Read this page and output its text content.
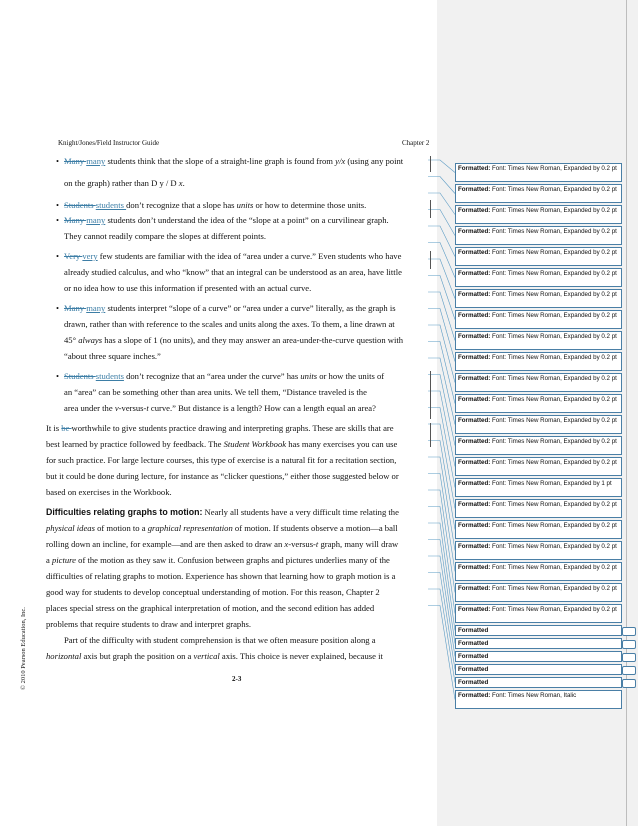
Knight/Jones/Field Instructor Guide	Chapter 2
© 2010 Pearson Education, Inc.
• Many many students think that the slope of a straight-line graph is found from y/x (using any point
on the graph) rather than D y / D x.
• Students students don’t recognize that a slope has units or how to determine those units.
• Many many students don’t understand the idea of the “slope at a point” on a curvilinear graph.
They cannot readily compare the slopes at different points.
• Very very few students are familiar with the idea of “area under a curve.” Even students who have
already studied calculus, and who “know” that an integral can be understood as an area, have little
or no idea how to use this information if presented with an actual curve.
• Many many students interpret “slope of a curve” or “area under a curve” literally, as the graph is
drawn, rather than with reference to the scales and units along the axes. To them, a line drawn at
45° always has a slope of 1 (no units), and they may answer an area-under-the-curve question with
“about three square inches.”
• Students students don’t recognize that an “area under the curve” has units or how the units of
an “area” can be something other than area units. We tell them, “Distance traveled is the
area under the v-versus-t curve.” But distance is a length? How can a length equal an area?
It is be worthwhile to give students practice drawing and interpreting graphs. These are skills that are
best learned by practice followed by feedback. The Student Workbook has many exercises you can use
for such practice. For large lecture courses, this type of exercise is a natural fit for a recitation section,
but it could be done during lecture, for instance as “clicker questions,” either those suggested below or
based on exercises in the Workbook.
Difficulties relating graphs to motion: Nearly all students have a very difficult time relating the
physical ideas of motion to a graphical representation of motion. If students observe a motion—a ball
rolling down an incline, for example—and are then asked to draw an x-versus-t graph, many will draw
a picture of the motion as they saw it. Confusion between graphs and pictures underlies many of the
difficulties of relating graphs to motion. Experience has shown that learning how to graph motion is a
good way for students to develop conceptual understanding of motion. For this reason, Chapter 2
places special stress on the graphical interpretation of motion, and the second edition has added
problems that require students to draw and interpret graphs.
Part of the difficulty with student comprehension is that we often measure position along a
horizontal axis but graph the position on a vertical axis. This choice is never explained, because it
2-3
Formatted: Font: Times New Roman, Expanded by 0.2 pt
Formatted: Font: Times New Roman, Expanded by 0.2 pt
Formatted: Font: Times New Roman, Expanded by 0.2 pt
Formatted: Font: Times New Roman, Expanded by 0.2 pt
Formatted: Font: Times New Roman, Expanded by 0.2 pt
Formatted: Font: Times New Roman, Expanded by 0.2 pt
Formatted: Font: Times New Roman, Expanded by 0.2 pt
Formatted: Font: Times New Roman, Expanded by 0.2 pt
Formatted: Font: Times New Roman, Expanded by 0.2 pt
Formatted: Font: Times New Roman, Expanded by 0.2 pt
Formatted: Font: Times New Roman, Expanded by 0.2 pt
Formatted: Font: Times New Roman, Expanded by 0.2 pt
Formatted: Font: Times New Roman, Expanded by 0.2 pt
Formatted: Font: Times New Roman, Expanded by 0.2 pt
Formatted: Font: Times New Roman, Expanded by 0.2 pt
Formatted: Font: Times New Roman, Expanded by 1 pt
Formatted: Font: Times New Roman, Expanded by 0.2 pt
Formatted: Font: Times New Roman, Expanded by 0.2 pt
Formatted: Font: Times New Roman, Expanded by 0.2 pt
Formatted: Font: Times New Roman, Expanded by 0.2 pt
Formatted: Font: Times New Roman, Expanded by 0.2 pt
Formatted: Font: Times New Roman, Expanded by 0.2 pt
Formatted
Formatted
Formatted
Formatted
Formatted
Formatted: Font: Times New Roman, Italic
